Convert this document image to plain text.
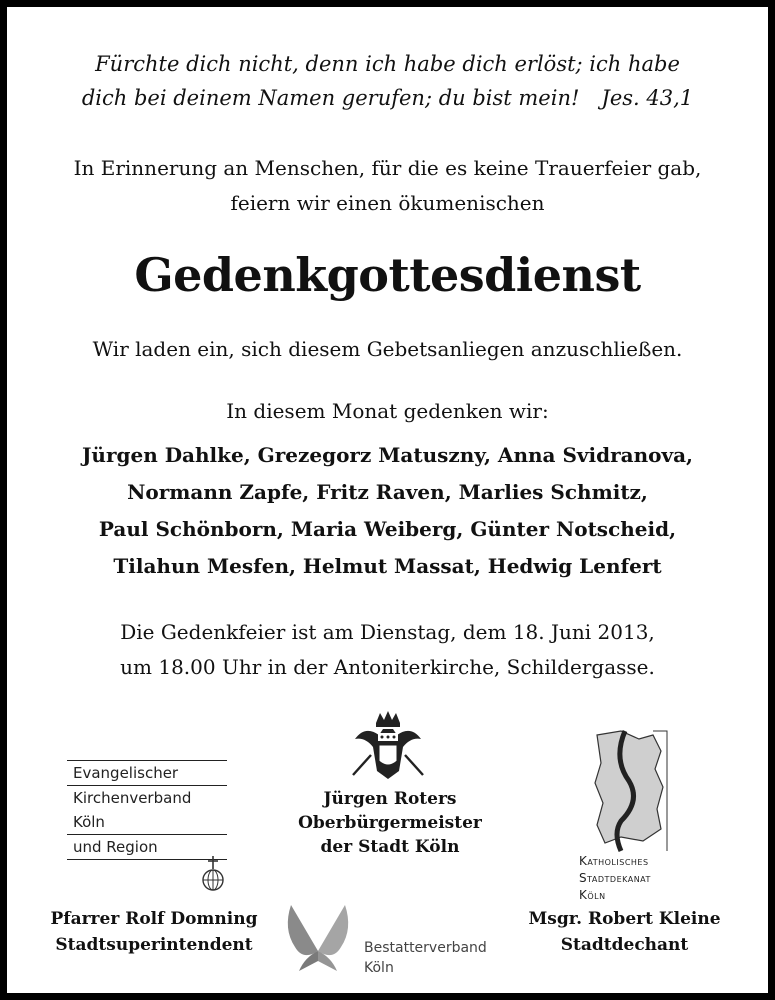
Fürchte dich nicht, denn ich habe dich erlöst; ich habe
dich bei deinem Namen gerufen; du bist mein! Jes. 43,1
In Erinnerung an Menschen, für die es keine Trauerfeier gab,
feiern wir einen ökumenischen
Gedenkgottesdienst
Wir laden ein, sich diesem Gebetsanliegen anzuschließen.
In diesem Monat gedenken wir:
Jürgen Dahlke, Grezegorz Matuszny, Anna Svidranova,
Normann Zapfe, Fritz Raven, Marlies Schmitz,
Paul Schönborn, Maria Weiberg, Günter Notscheid,
Tilahun Mesfen, Helmut Massat, Hedwig Lenfert
Die Gedenkfeier ist am Dienstag, dem 18. Juni 2013,
um 18.00 Uhr in der Antoniterkirche, Schildergasse.
Evangelischer
Kirchenverband Köln
und Region
Pfarrer Rolf Domning
Stadtsuperintendent
Jürgen Roters
Oberbürgermeister
der Stadt Köln
Bestatterverband
Köln
Katholisches
Stadtdekanat
Köln
Msgr. Robert Kleine
Stadtdechant
